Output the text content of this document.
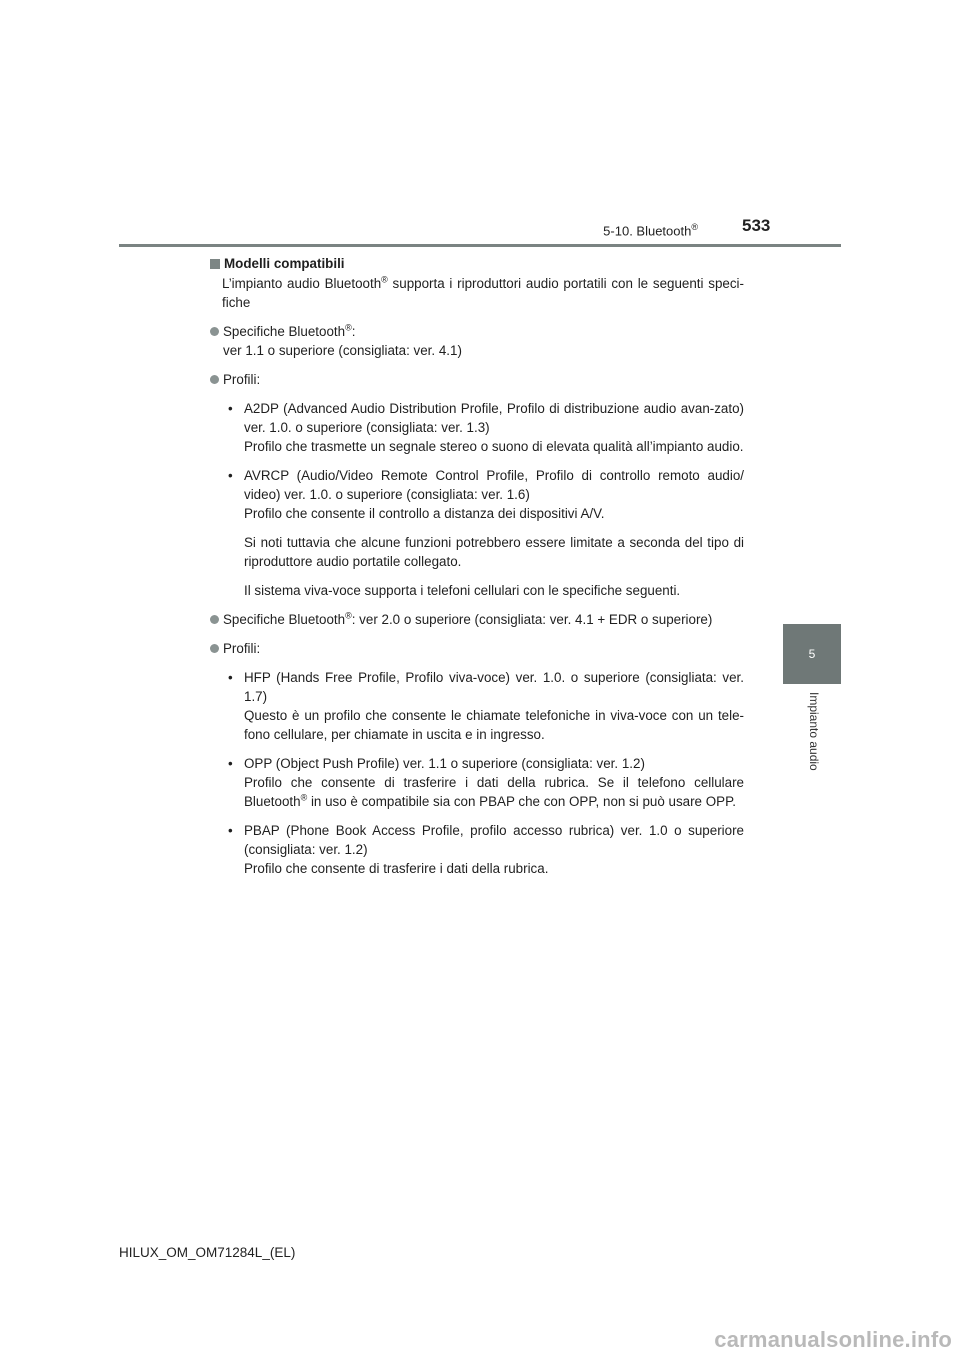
5-10. Bluetooth®	533
5
Impianto audio
Modelli compatibili
L’impianto audio Bluetooth® supporta i riproduttori audio portatili con le seguenti speci-fiche
Specifiche Bluetooth®:
ver 1.1 o superiore (consigliata: ver. 4.1)
Profili:
• A2DP (Advanced Audio Distribution Profile, Profilo di distribuzione audio avan-zato) ver. 1.0. o superiore (consigliata: ver. 1.3)
Profilo che trasmette un segnale stereo o suono di elevata qualità all’impianto audio.
• AVRCP (Audio/Video Remote Control Profile, Profilo di controllo remoto audio/ video) ver. 1.0. o superiore (consigliata: ver. 1.6)
Profilo che consente il controllo a distanza dei dispositivi A/V.
Si noti tuttavia che alcune funzioni potrebbero essere limitate a seconda del tipo di riproduttore audio portatile collegato.
Il sistema viva-voce supporta i telefoni cellulari con le specifiche seguenti.
Specifiche Bluetooth®: ver 2.0 o superiore (consigliata: ver. 4.1 + EDR o superiore)
Profili:
• HFP (Hands Free Profile, Profilo viva-voce) ver. 1.0. o superiore (consigliata: ver. 1.7)
Questo è un profilo che consente le chiamate telefoniche in viva-voce con un tele-fono cellulare, per chiamate in uscita e in ingresso.
• OPP (Object Push Profile) ver. 1.1 o superiore (consigliata: ver. 1.2)
Profilo che consente di trasferire i dati della rubrica. Se il telefono cellulare Bluetooth® in uso è compatibile sia con PBAP che con OPP, non si può usare OPP.
• PBAP (Phone Book Access Profile, profilo accesso rubrica) ver. 1.0 o superiore (consigliata: ver. 1.2)
Profilo che consente di trasferire i dati della rubrica.
HILUX_OM_OM71284L_(EL)
carmanualsonline.info
